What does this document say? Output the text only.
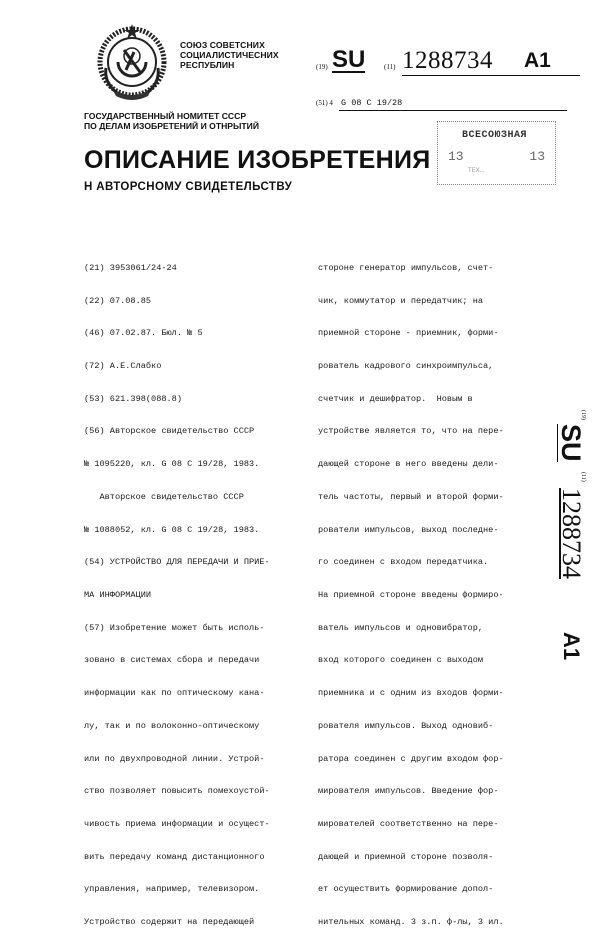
СОЮЗ СОВЕТСНИХ
СОЦИАЛИСТИЧЕСНИХ
РЕСПУБЛИН
ГОСУДАРСТВЕННЫЙ НОМИТЕТ СССР
ПО ДЕЛАМ ИЗОБРЕТЕНИЙ И ОТНРЫТИЙ
(19) SU	(11) 1288734 A1
(51) 4 G 08 C 19/28
ВСЕСОЮЗНАЯ
13	13
ТЕХ...
ОПИСАНИЕ ИЗОБРЕТЕНИЯ
Н АВТОРСНОМУ СВИДЕТЕЛЬСТВУ

(21) 3953061/24-24

(22) 07.08.85

(46) 07.02.87. Бюл. № 5

(72) А.Е.Слабко

(53) 621.398(088.8)

(56) Авторское свидетельство СССР

№ 1095220, кл. G 08 C 19/28, 1983.

Авторское свидетельство СССР

№ 1088052, кл. G 08 C 19/28, 1983.

(54) УСТРОЙСТВО ДЛЯ ПЕРЕДАЧИ И ПРИЕ-

МА ИНФОРМАЦИИ

(57) Изобретение может быть исполь-

зовано в системах сбора и передачи

информации как по оптическому кана-

лу, так и по волоконно-оптическому

или по двухпроводной линии. Устрой-

ство позволяет повысить помехоустой-

чивость приема информации и осущест-

вить передачу команд дистанционного

управления, например, телевизором.

Устройство содержит на передающей

стороне генератор импульсов, счет-

чик, коммутатор и передатчик; на

приемной стороне - приемник, форми-

рователь кадрового синхроимпульса,

счетчик и дешифратор.  Новым в

устройстве является то, что на пере-

дающей стороне в него введены дели-

тель частоты, первый и второй форми-

рователи импульсов, выход последне-

го соединен с входом передатчика.

На приемной стороне введены формиро-

ватель импульсов и одновибратор,

вход которого соединен с выходом

приемника и с одним из входов форми-

рователя импульсов. Выход одновиб-

ратора соединен с другим входом фор-

мирователя импульсов. Введение фор-

мирователей соответственно на пере-

дающей и приемной стороне позволя-

ет осуществить формирование допол-

нительных команд. 3 з.п. ф-лы, 3 ил.

(19)
SU
(11)
1288734
A1
